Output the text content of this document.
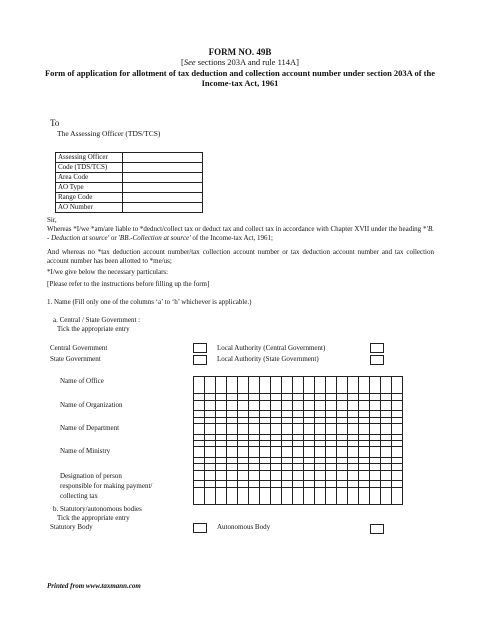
FORM NO. 49B
[See sections 203A and rule 114A]
Form of application for allotment of tax deduction and collection account number under section 203A of the Income-tax Act, 1961
To
The Assessing Officer (TDS/TCS)
Assessing Officer	
Code (TDS/TCS)	
Area Code	
AO Type	
Range Code	
AO Number	
Sir,
Whereas *I/we *am/are liable to *deduct/collect tax or deduct tax and collect tax in accordance with Chapter XVII under the heading *'B. - Deduction at source' or 'BB.-Collection at source' of the Income-tax Act, 1961;
And whereas no *tax deduction account number/tax collection account number or tax deduction account number and tax collection account number has been allotted to *me/us;
*I/we give below the necessary particulars:
[Please refer to the instructions before filling up the form]
1. Name (Fill only one of the columns ‘a’ to ‘h’ whichever is applicable.)
a. Central / State Government :
Tick the appropriate entry
Central Government	Local Authority (Central Government)
State Government	Local Authority (State Government)
Name of Office
Name of Organization
Name of Department
Name of Ministry
Designation of person
responsible for making payment/
collecting tax
b. Statutory/autonomous bodies
Tick the appropriate entry
Statutory Body	Autonomous Body
Printed from www.taxmann.com
